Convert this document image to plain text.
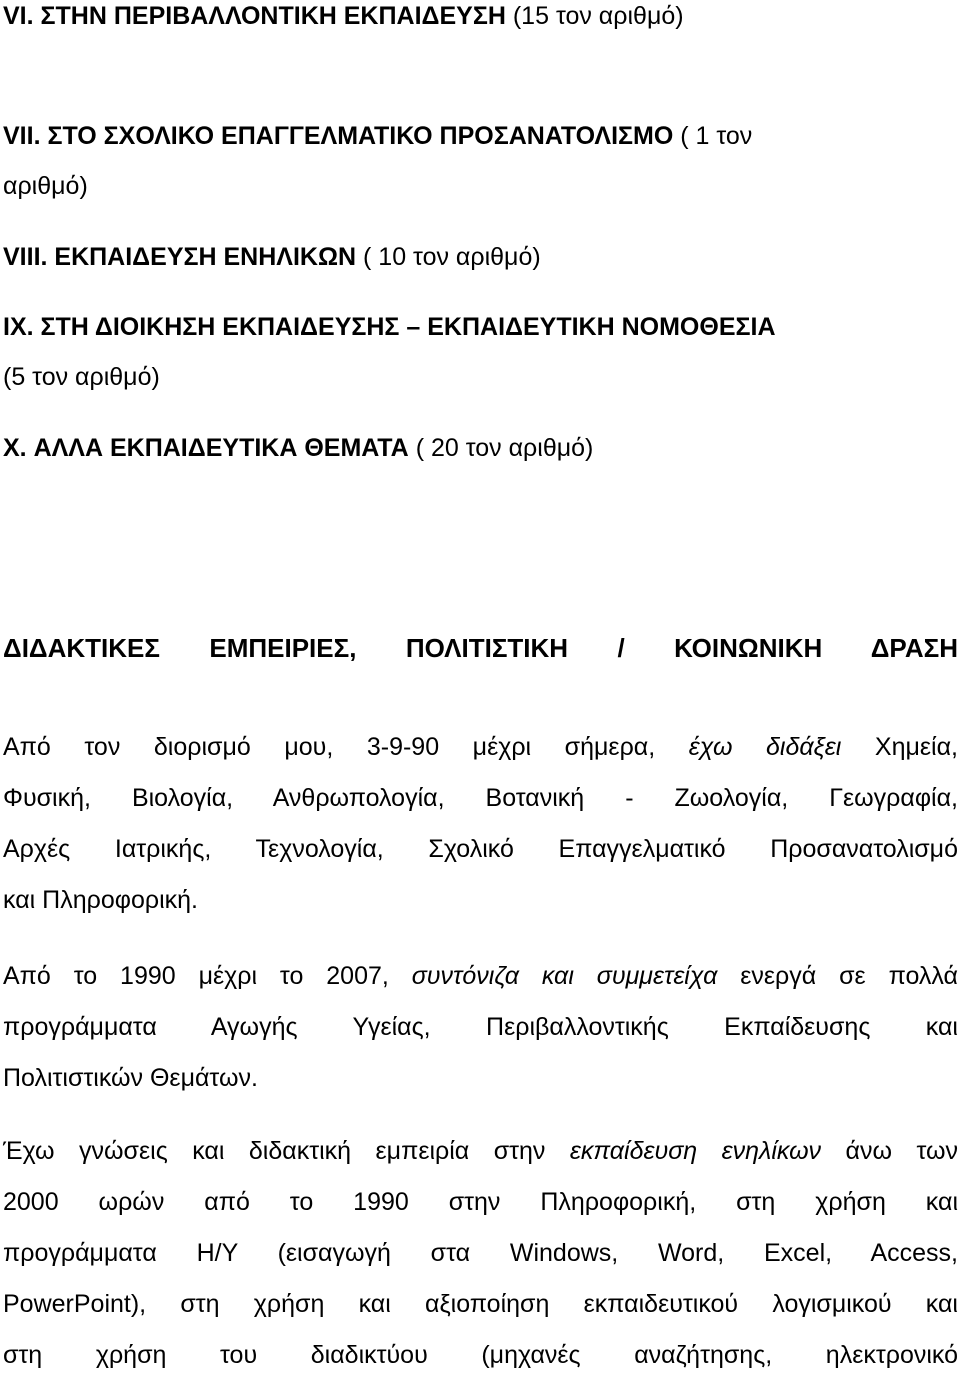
VI. ΣΤΗΝ ΠΕΡΙΒΑΛΛΟΝΤΙΚΗ ΕΚΠΑΙΔΕΥΣΗ (15 τον αριθμό)
VII. ΣΤΟ ΣΧΟΛΙΚΟ ΕΠΑΓΓΕΛΜΑΤΙΚΟ ΠΡΟΣΑΝΑΤΟΛΙΣΜΟ ( 1 τον
αριθμό)
VIII. ΕΚΠΑΙΔΕΥΣΗ ΕΝΗΛΙΚΩΝ ( 10 τον αριθμό)
IX. ΣΤΗ ΔΙΟΙΚΗΣΗ ΕΚΠΑΙΔΕΥΣΗΣ – ΕΚΠΑΙΔΕΥΤΙΚΗ ΝΟΜΟΘΕΣΙΑ
(5 τον αριθμό)
X. ΑΛΛΑ ΕΚΠΑΙΔΕΥΤΙΚΑ ΘΕΜΑΤΑ ( 20 τον αριθμό)
ΔΙΔΑΚΤΙΚΕΣ ΕΜΠΕΙΡΙΕΣ, ΠΟΛΙΤΙΣΤΙΚΗ / ΚΟΙΝΩΝΙΚΗ ΔΡΑΣΗ
Από τον διορισμό μου, 3-9-90 μέχρι σήμερα, έχω διδάξει Χημεία,
Φυσική, Βιολογία, Ανθρωπολογία, Βοτανική - Ζωολογία, Γεωγραφία,
Αρχές Ιατρικής, Τεχνολογία, Σχολικό Επαγγελματικό Προσανατολισμό
και Πληροφορική.
Από το 1990 μέχρι το 2007, συντόνιζα και συμμετείχα ενεργά σε πολλά
προγράμματα Αγωγής Υγείας, Περιβαλλοντικής Εκπαίδευσης και
Πολιτιστικών Θεμάτων.
Έχω γνώσεις και διδακτική εμπειρία στην εκπαίδευση ενηλίκων άνω των
2000 ωρών από το 1990 στην Πληροφορική, στη χρήση και
προγράμματα Η/Υ (εισαγωγή στα Windows, Word, Excel, Access,
PowerPoint), στη χρήση και αξιοποίηση εκπαιδευτικού λογισμικού και
στη χρήση του διαδικτύου (μηχανές αναζήτησης, ηλεκτρονικό
